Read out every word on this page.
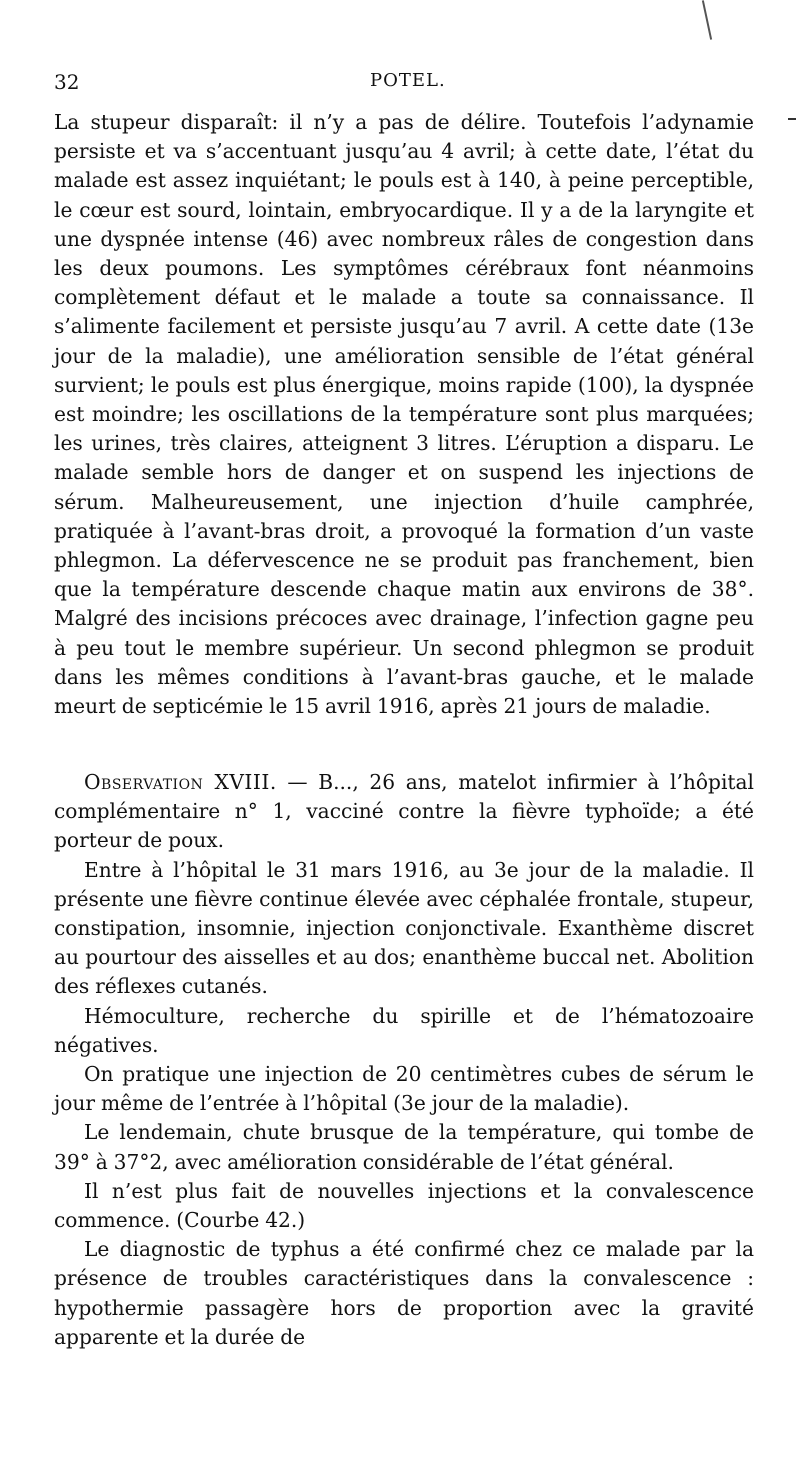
32	POTEL.

La stupeur disparaît: il n’y a pas de délire. Toutefois l’adynamie persiste et va s’accentuant jusqu’au 4 avril; à cette date, l’état du malade est assez inquiétant; le pouls est à 140, à peine perceptible, le cœur est sourd, lointain, embryocardique. Il y a de la laryngite et une dyspnée intense (46) avec nombreux râles de congestion dans les deux poumons. Les symptômes cérébraux font néanmoins complètement défaut et le malade a toute sa connaissance. Il s’alimente facilement et persiste jusqu’au 7 avril. A cette date (13e jour de la maladie), une amélioration sensible de l’état général survient; le pouls est plus énergique, moins rapide (100), la dyspnée est moindre; les oscillations de la température sont plus marquées; les urines, très claires, atteignent 3 litres. L’éruption a disparu. Le malade semble hors de danger et on suspend les injections de sérum. Malheureusement, une injection d’huile camphrée, pratiquée à l’avant-bras droit, a provoqué la formation d’un vaste phlegmon. La défervescence ne se produit pas franchement, bien que la température descende chaque matin aux environs de 38°. Malgré des incisions précoces avec drainage, l’infection gagne peu à peu tout le membre supérieur. Un second phlegmon se produit dans les mêmes conditions à l’avant-bras gauche, et le malade meurt de septicémie le 15 avril 1916, après 21 jours de maladie.

Observation XVIII. — B..., 26 ans, matelot infirmier à l’hôpital complémentaire n° 1, vacciné contre la fièvre typhoïde; a été porteur de poux.

Entre à l’hôpital le 31 mars 1916, au 3e jour de la maladie. Il présente une fièvre continue élevée avec céphalée frontale, stupeur, constipation, insomnie, injection conjonctivale. Exanthème discret au pourtour des aisselles et au dos; enanthème buccal net. Abolition des réflexes cutanés.

Hémoculture, recherche du spirille et de l’hématozoaire négatives.

On pratique une injection de 20 centimètres cubes de sérum le jour même de l’entrée à l’hôpital (3e jour de la maladie).

Le lendemain, chute brusque de la température, qui tombe de 39° à 37°2, avec amélioration considérable de l’état général.

Il n’est plus fait de nouvelles injections et la convalescence commence. (Courbe 42.)

Le diagnostic de typhus a été confirmé chez ce malade par la présence de troubles caractéristiques dans la convalescence : hypothermie passagère hors de proportion avec la gravité apparente et la durée de
